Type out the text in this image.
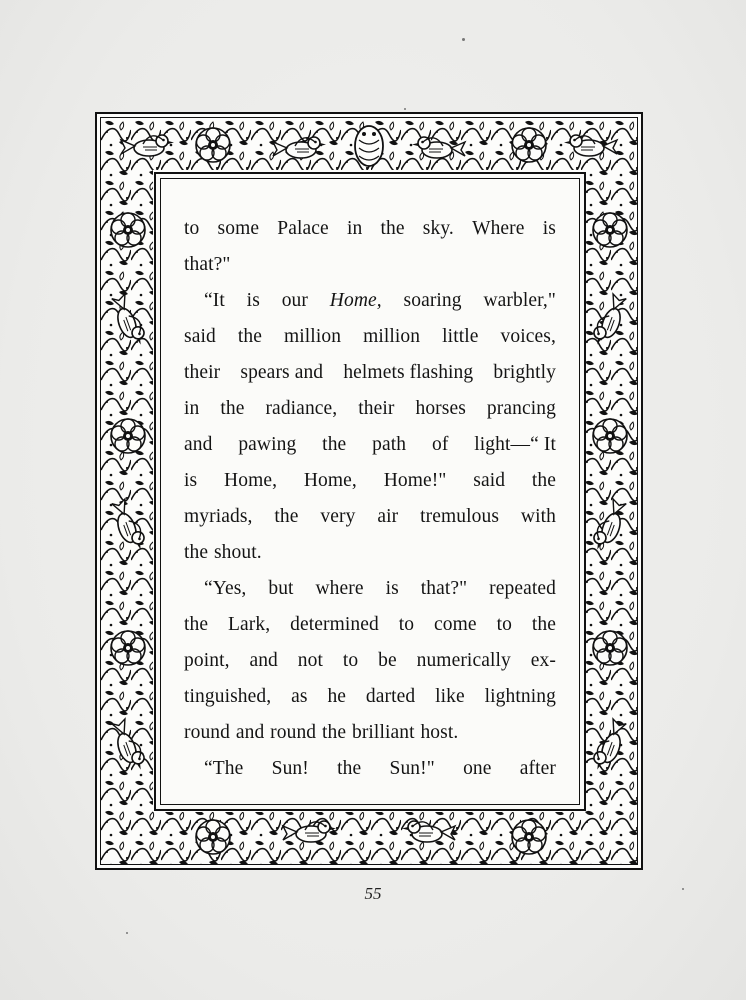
to some Palace in the sky. Where is
that?"
“It is our Home, soaring warbler,"
said the million million little voices,
their spears and helmets flashing brightly
in the radiance, their horses prancing
and pawing the path of light—“ It
is Home, Home, Home!" said the
myriads, the very air tremulous with
the shout.
“Yes, but where is that?" repeated
the Lark, determined to come to the
point, and not to be numerically ex-
tinguished, as he darted like lightning
round and round the brilliant host.
“The Sun! the Sun!" one after
55
